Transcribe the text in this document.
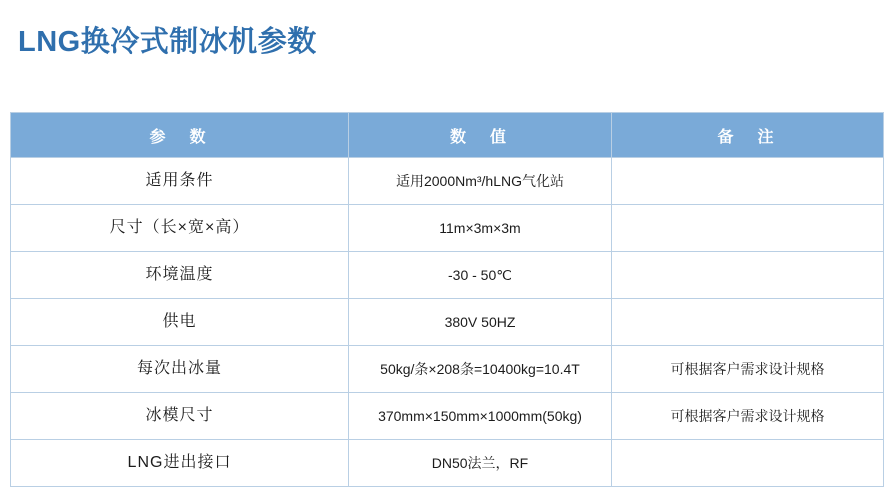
LNG换冷式制冰机参数
参　数	数　值	备　注
适用条件	适用2000Nm³/hLNG气化站	
尺寸（长×宽×高）	11m×3m×3m	
环境温度	-30 - 50℃	
供电	380V 50HZ	
每次出冰量	50kg/条×208条=10400kg=10.4T	可根据客户需求设计规格
冰模尺寸	370mm×150mm×1000mm(50kg)	可根据客户需求设计规格
LNG进出接口	DN50法兰，RF	
